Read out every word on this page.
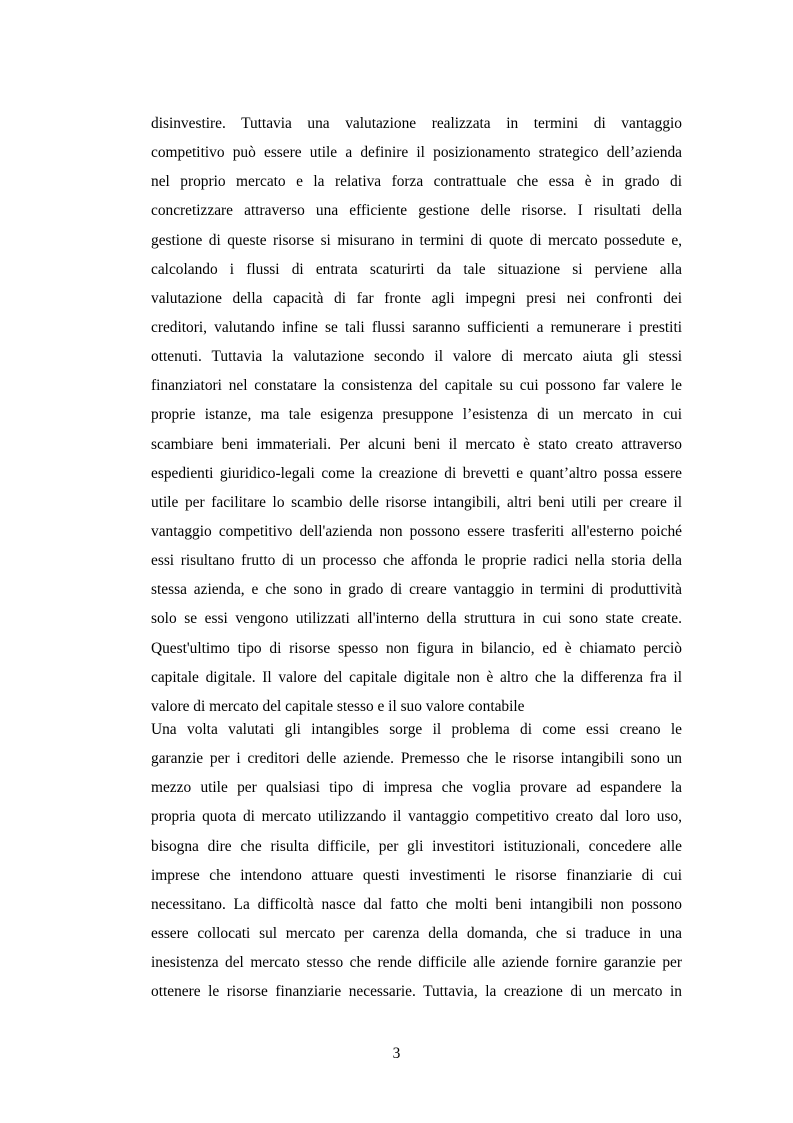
disinvestire. Tuttavia una valutazione realizzata in termini di vantaggio
competitivo può essere utile a definire il posizionamento strategico dell’azienda
nel proprio mercato e la relativa forza contrattuale che essa è in grado di
concretizzare attraverso una efficiente gestione delle risorse. I risultati della
gestione di queste risorse si misurano in termini di quote di mercato possedute e,
calcolando i flussi di entrata scaturirti da tale situazione si perviene alla
valutazione della capacità di far fronte agli impegni presi nei confronti dei
creditori, valutando infine se tali flussi saranno sufficienti a remunerare i prestiti
ottenuti. Tuttavia la valutazione secondo il valore di mercato aiuta gli stessi
finanziatori nel constatare la consistenza del capitale su cui possono far valere le
proprie istanze, ma tale esigenza presuppone l’esistenza di un mercato in cui
scambiare beni immateriali. Per alcuni beni il mercato è stato creato attraverso
espedienti giuridico-legali come la creazione di brevetti e quant’altro possa essere
utile per facilitare lo scambio delle risorse intangibili, altri beni utili per creare il
vantaggio competitivo dell'azienda non possono essere trasferiti all'esterno poiché
essi risultano frutto di un processo che affonda le proprie radici nella storia della
stessa azienda, e che sono in grado di creare vantaggio in termini di produttività
solo se essi vengono utilizzati all'interno della struttura in cui sono state create.
Quest'ultimo tipo di risorse spesso non figura in bilancio, ed è chiamato perciò
capitale digitale. Il valore del capitale digitale non è altro che la differenza fra il
valore di mercato del capitale stesso e il suo valore contabile
Una volta valutati gli intangibles sorge il problema di come essi creano le
garanzie per i creditori delle aziende. Premesso che le risorse intangibili sono un
mezzo utile per qualsiasi tipo di impresa che voglia provare ad espandere la
propria quota di mercato utilizzando il vantaggio competitivo creato dal loro uso,
bisogna dire che risulta difficile, per gli investitori istituzionali, concedere alle
imprese che intendono attuare questi investimenti le risorse finanziarie di cui
necessitano. La difficoltà nasce dal fatto che molti beni intangibili non possono
essere collocati sul mercato per carenza della domanda, che si traduce in una
inesistenza del mercato stesso che rende difficile alle aziende fornire garanzie per
ottenere le risorse finanziarie necessarie. Tuttavia, la creazione di un mercato in
3
